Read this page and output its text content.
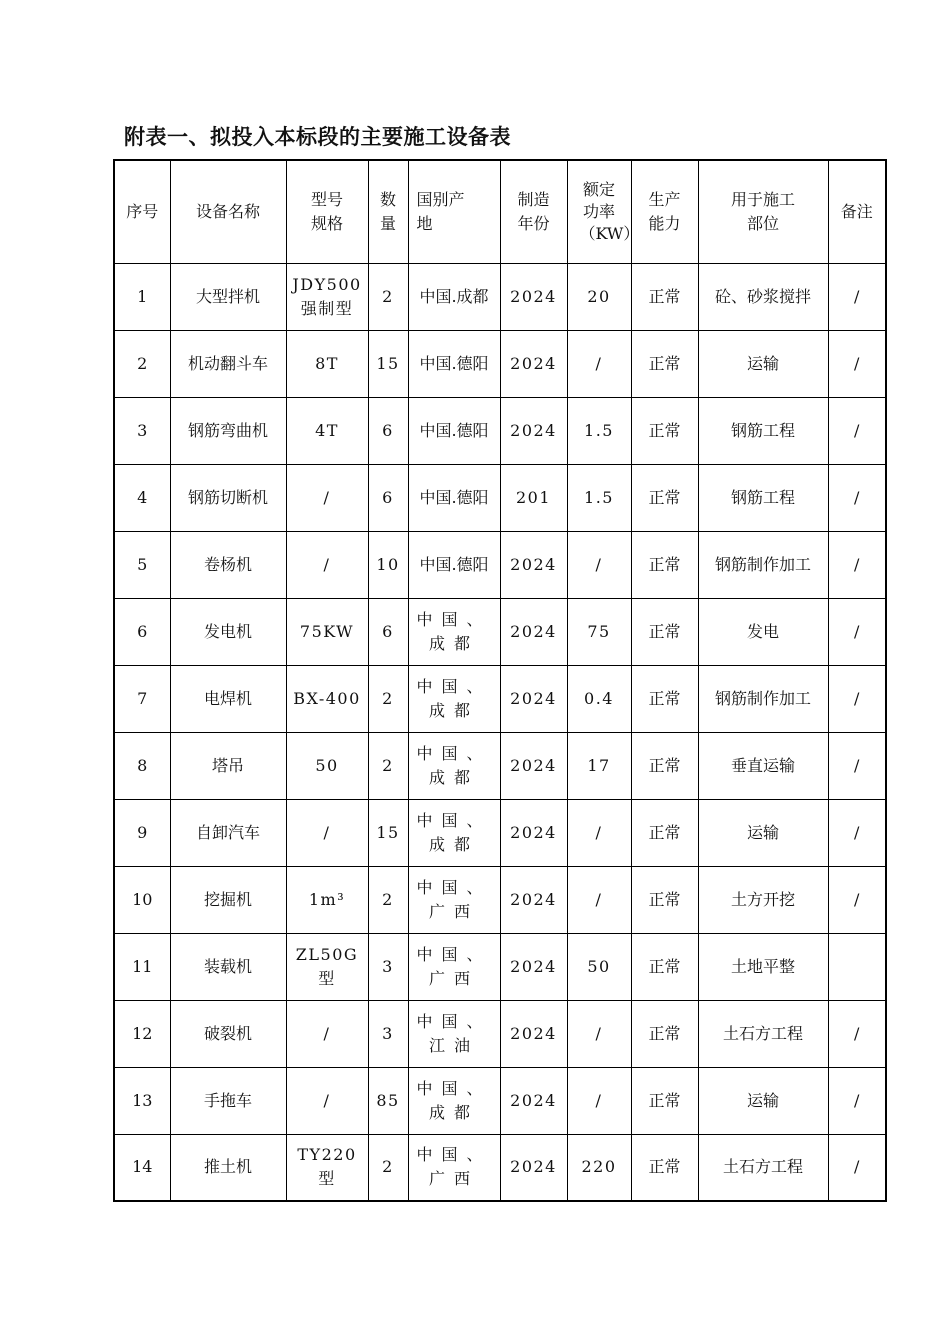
附表一、拟投入本标段的主要施工设备表
序号	设备名称	型号规格	数量	国别产地	制造年份	额定功率（KW）	生产能力	用于施工部位	备注
1	大型拌机	JDY500强制型	2	中国.成都	2024	20	正常	砼、砂浆搅拌	/
2	机动翻斗车	8T	15	中国.德阳	2024	/	正常	运输	/
3	钢筋弯曲机	4T	6	中国.德阳	2024	1.5	正常	钢筋工程	/
4	钢筋切断机	/	6	中国.德阳	201	1.5	正常	钢筋工程	/
5	卷杨机	/	10	中国.德阳	2024	/	正常	钢筋制作加工	/
6	发电机	75KW	6	中国、成都	2024	75	正常	发电	/
7	电焊机	BX-400	2	中国、成都	2024	0.4	正常	钢筋制作加工	/
8	塔吊	50	2	中国、成都	2024	17	正常	垂直运输	/
9	自卸汽车	/	15	中国、成都	2024	/	正常	运输	/
10	挖掘机	1m³	2	中国、广西	2024	/	正常	土方开挖	/
11	装载机	ZL50G型	3	中国、广西	2024	50	正常	土地平整	
12	破裂机	/	3	中国、江油	2024	/	正常	土石方工程	/
13	手拖车	/	85	中国、成都	2024	/	正常	运输	/
14	推土机	TY220型	2	中国、广西	2024	220	正常	土石方工程	/
